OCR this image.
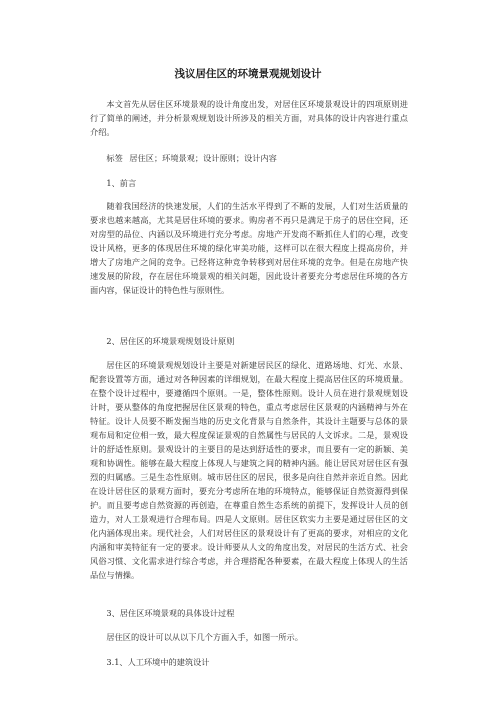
浅议居住区的环境景观规划设计

本文首先从居住区环境景观的设计角度出发，对居住区环境景观设计的四项原则进行了简单的阐述，并分析景观规划设计所涉及的相关方面，对具体的设计内容进行重点介绍。

标签 居住区；环境景观；设计原则；设计内容

1、前言

随着我国经济的快速发展，人们的生活水平得到了不断的发展，人们对生活质量的要求也越来越高，尤其是居住环境的要求。购房者不再只是满足于房子的居住空间，还对房型的品位、内涵以及环境进行充分考虑。房地产开发商不断抓住人们的心理，改变设计风格，更多的体现居住环境的绿化审美功能，这样可以在很大程度上提高房价，并增大了房地产之间的竞争。已经将这种竞争转移到对居住环境的竞争。但是在房地产快速发展的阶段，存在居住环境景观的相关问题，因此设计者要充分考虑居住环境的各方面内容，保证设计的特色性与原则性。

2、居住区的环境景观规划设计原则

居住区的环境景观规划设计主要是对新建居民区的绿化、道路场地、灯光、水景、配套设置等方面，通过对各种因素的详细规划，在最大程度上提高居住区的环境质量。在整个设计过程中，要遵循四个原则。一是，整体性原则。设计人员在进行景观规划设计时，要从整体的角度把握居住区景观的特色，重点考虑居住区景观的内涵精神与外在特征。设计人员要不断发掘当地的历史文化背景与自然条件，其设计主题要与总体的景观布局和定位相一致，最大程度保证景观的自然属性与居民的人文诉求。二是，景观设计的舒适性原则。景观设计的主要目的是达到舒适性的要求，而且要有一定的新颖、美观和协调性。能够在最大程度上体现人与建筑之间的精神内涵。能让居民对居住区有强烈的归属感。三是生态性原则。城市居住区的居民，很多是向往自然并亲近自然。因此在设计居住区的景观方面时，要充分考虑所在地的环境特点，能够保证自然资源得到保护。而且要考虑自然资源的再创造，在尊重自然生态系统的前提下，发挥设计人员的创造力，对人工景观进行合理布局。四是人文原则。居住区软实力主要是通过居住区的文化内涵体现出来。现代社会，人们对居住区的景观设计有了更高的要求，对相应的文化内涵和审美特征有一定的要求。设计师要从人文的角度出发，对居民的生活方式、社会风俗习惯、文化需求进行综合考虑，并合理搭配各种要素，在最大程度上体现人的生活品位与情操。

3、居住区环境景观的具体设计过程

居住区的设计可以从以下几个方面入手，如图一所示。

3.1、人工环境中的建筑设计
